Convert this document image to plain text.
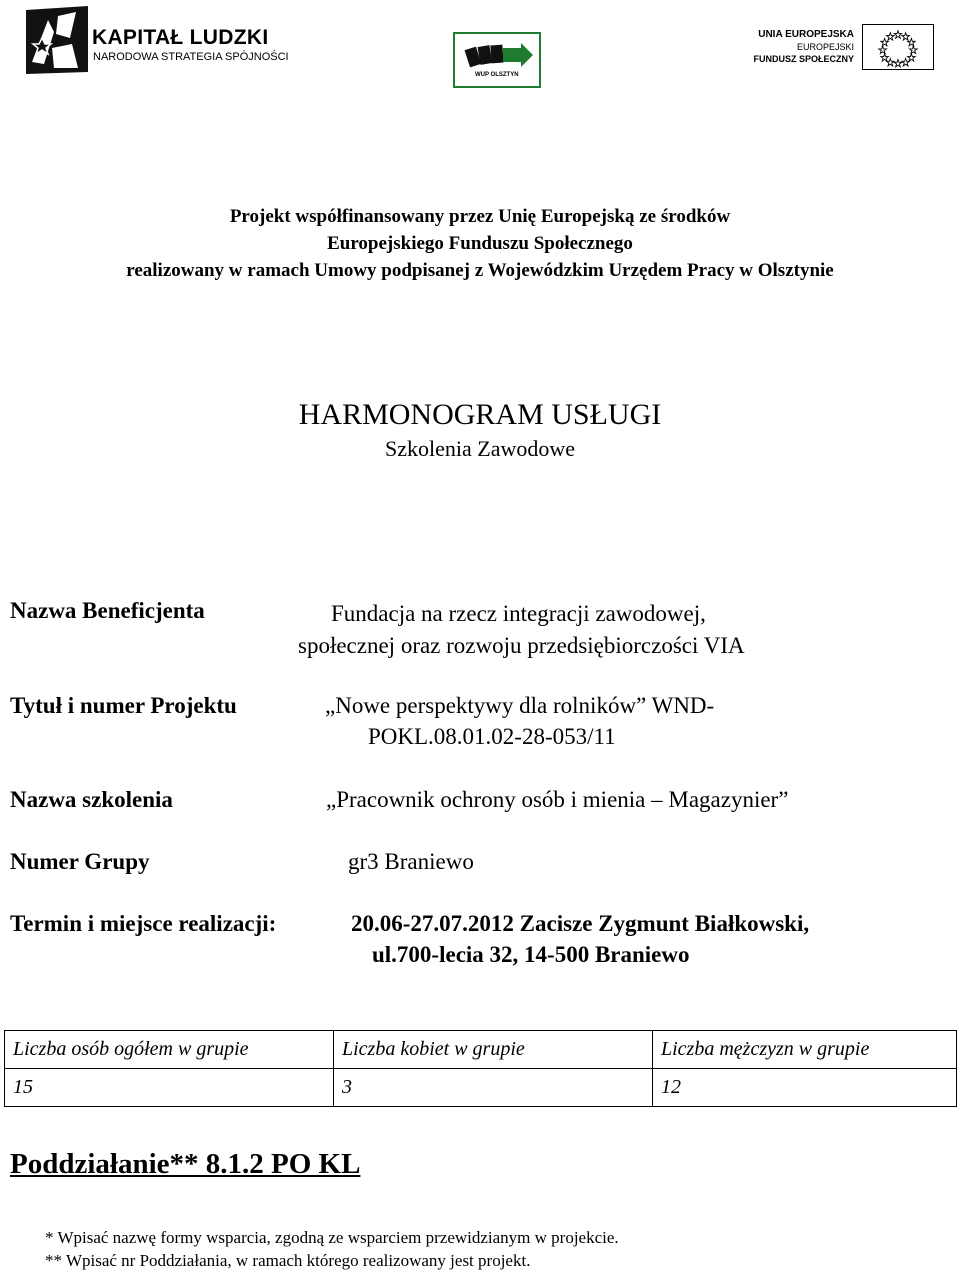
KAPITAŁ LUDZKI
NARODOWA STRATEGIA SPÓJNOŚCI
WUP OLSZTYN
UNIA EUROPEJSKA
EUROPEJSKI
FUNDUSZ SPOŁECZNY
Projekt współfinansowany przez Unię Europejską ze środków
Europejskiego Funduszu Społecznego
realizowany w ramach Umowy podpisanej z Wojewódzkim Urzędem Pracy w Olsztynie
HARMONOGRAM USŁUGI
Szkolenia Zawodowe
Nazwa Beneficjenta	Fundacja na rzecz integracji zawodowej,
społecznej oraz rozwoju przedsiębiorczości VIA
Tytuł i numer Projektu	„Nowe perspektywy dla rolników” WND-
POKL.08.01.02-28-053/11
Nazwa szkolenia	„Pracownik ochrony osób i mienia – Magazynier”
Numer Grupy	gr3 Braniewo
Termin i miejsce realizacji:	20.06-27.07.2012 Zacisze Zygmunt Białkowski,
ul.700-lecia 32, 14-500 Braniewo
Liczba osób ogółem w grupie	Liczba kobiet w grupie	Liczba mężczyzn w grupie
15	3	12
Poddziałanie** 8.1.2 PO KL
* Wpisać nazwę formy wsparcia, zgodną ze wsparciem przewidzianym w projekcie.
** Wpisać nr Poddziałania, w ramach którego realizowany jest projekt.
